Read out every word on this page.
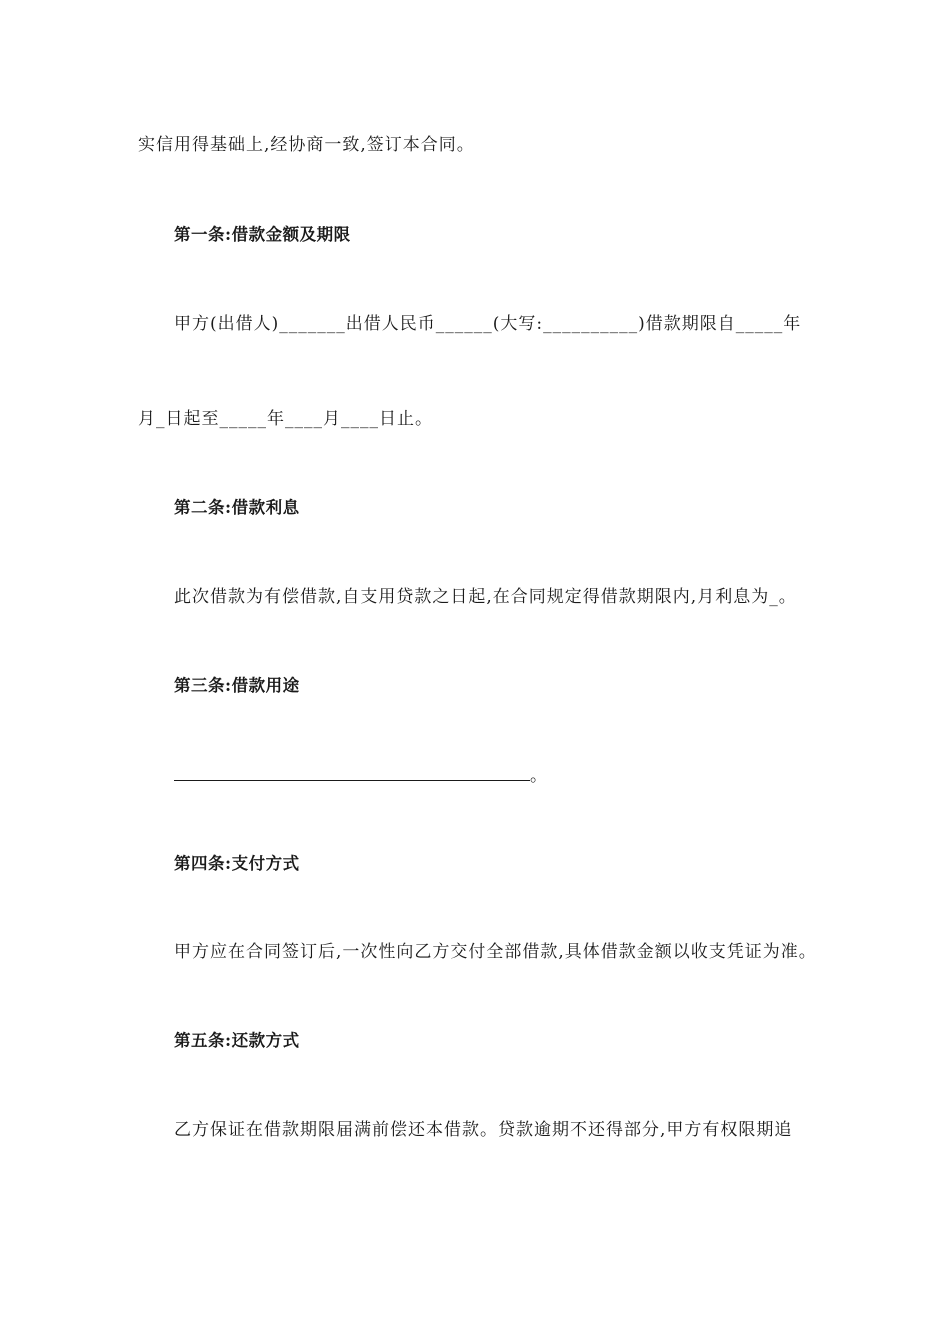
实信用得基础上,经协商一致,签订本合同。
第一条:借款金额及期限
甲方(出借人)_______出借人民币______(大写:__________)借款期限自_____年
月_日起至_____年____月____日止。
第二条:借款利息
此次借款为有偿借款,自支用贷款之日起,在合同规定得借款期限内,月利息为_。
第三条:借款用途
。
第四条:支付方式
甲方应在合同签订后,一次性向乙方交付全部借款,具体借款金额以收支凭证为准。
第五条:还款方式
乙方保证在借款期限届满前偿还本借款。贷款逾期不还得部分,甲方有权限期追
